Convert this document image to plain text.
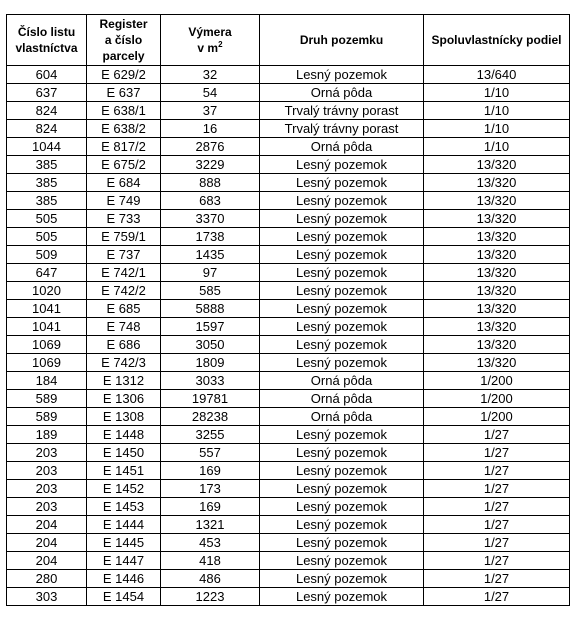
Číslo listu
vlastníctva	Register
a číslo
parcely	Výmera
v $m^2$	Druh pozemku	Spoluvlastnícky podiel
604	E 629/2	32	Lesný pozemok	13/640
637	E 637	54	Orná pôda	1/10
824	E 638/1	37	Trvalý trávny porast	1/10
824	E 638/2	16	Trvalý trávny porast	1/10
1044	E 817/2	2876	Orná pôda	1/10
385	E 675/2	3229	Lesný pozemok	13/320
385	E 684	888	Lesný pozemok	13/320
385	E 749	683	Lesný pozemok	13/320
505	E 733	3370	Lesný pozemok	13/320
505	E 759/1	1738	Lesný pozemok	13/320
509	E 737	1435	Lesný pozemok	13/320
647	E 742/1	97	Lesný pozemok	13/320
1020	E 742/2	585	Lesný pozemok	13/320
1041	E 685	5888	Lesný pozemok	13/320
1041	E 748	1597	Lesný pozemok	13/320
1069	E 686	3050	Lesný pozemok	13/320
1069	E 742/3	1809	Lesný pozemok	13/320
184	E 1312	3033	Orná pôda	1/200
589	E 1306	19781	Orná pôda	1/200
589	E 1308	28238	Orná pôda	1/200
189	E 1448	3255	Lesný pozemok	1/27
203	E 1450	557	Lesný pozemok	1/27
203	E 1451	169	Lesný pozemok	1/27
203	E 1452	173	Lesný pozemok	1/27
203	E 1453	169	Lesný pozemok	1/27
204	E 1444	1321	Lesný pozemok	1/27
204	E 1445	453	Lesný pozemok	1/27
204	E 1447	418	Lesný pozemok	1/27
280	E 1446	486	Lesný pozemok	1/27
303	E 1454	1223	Lesný pozemok	1/27
